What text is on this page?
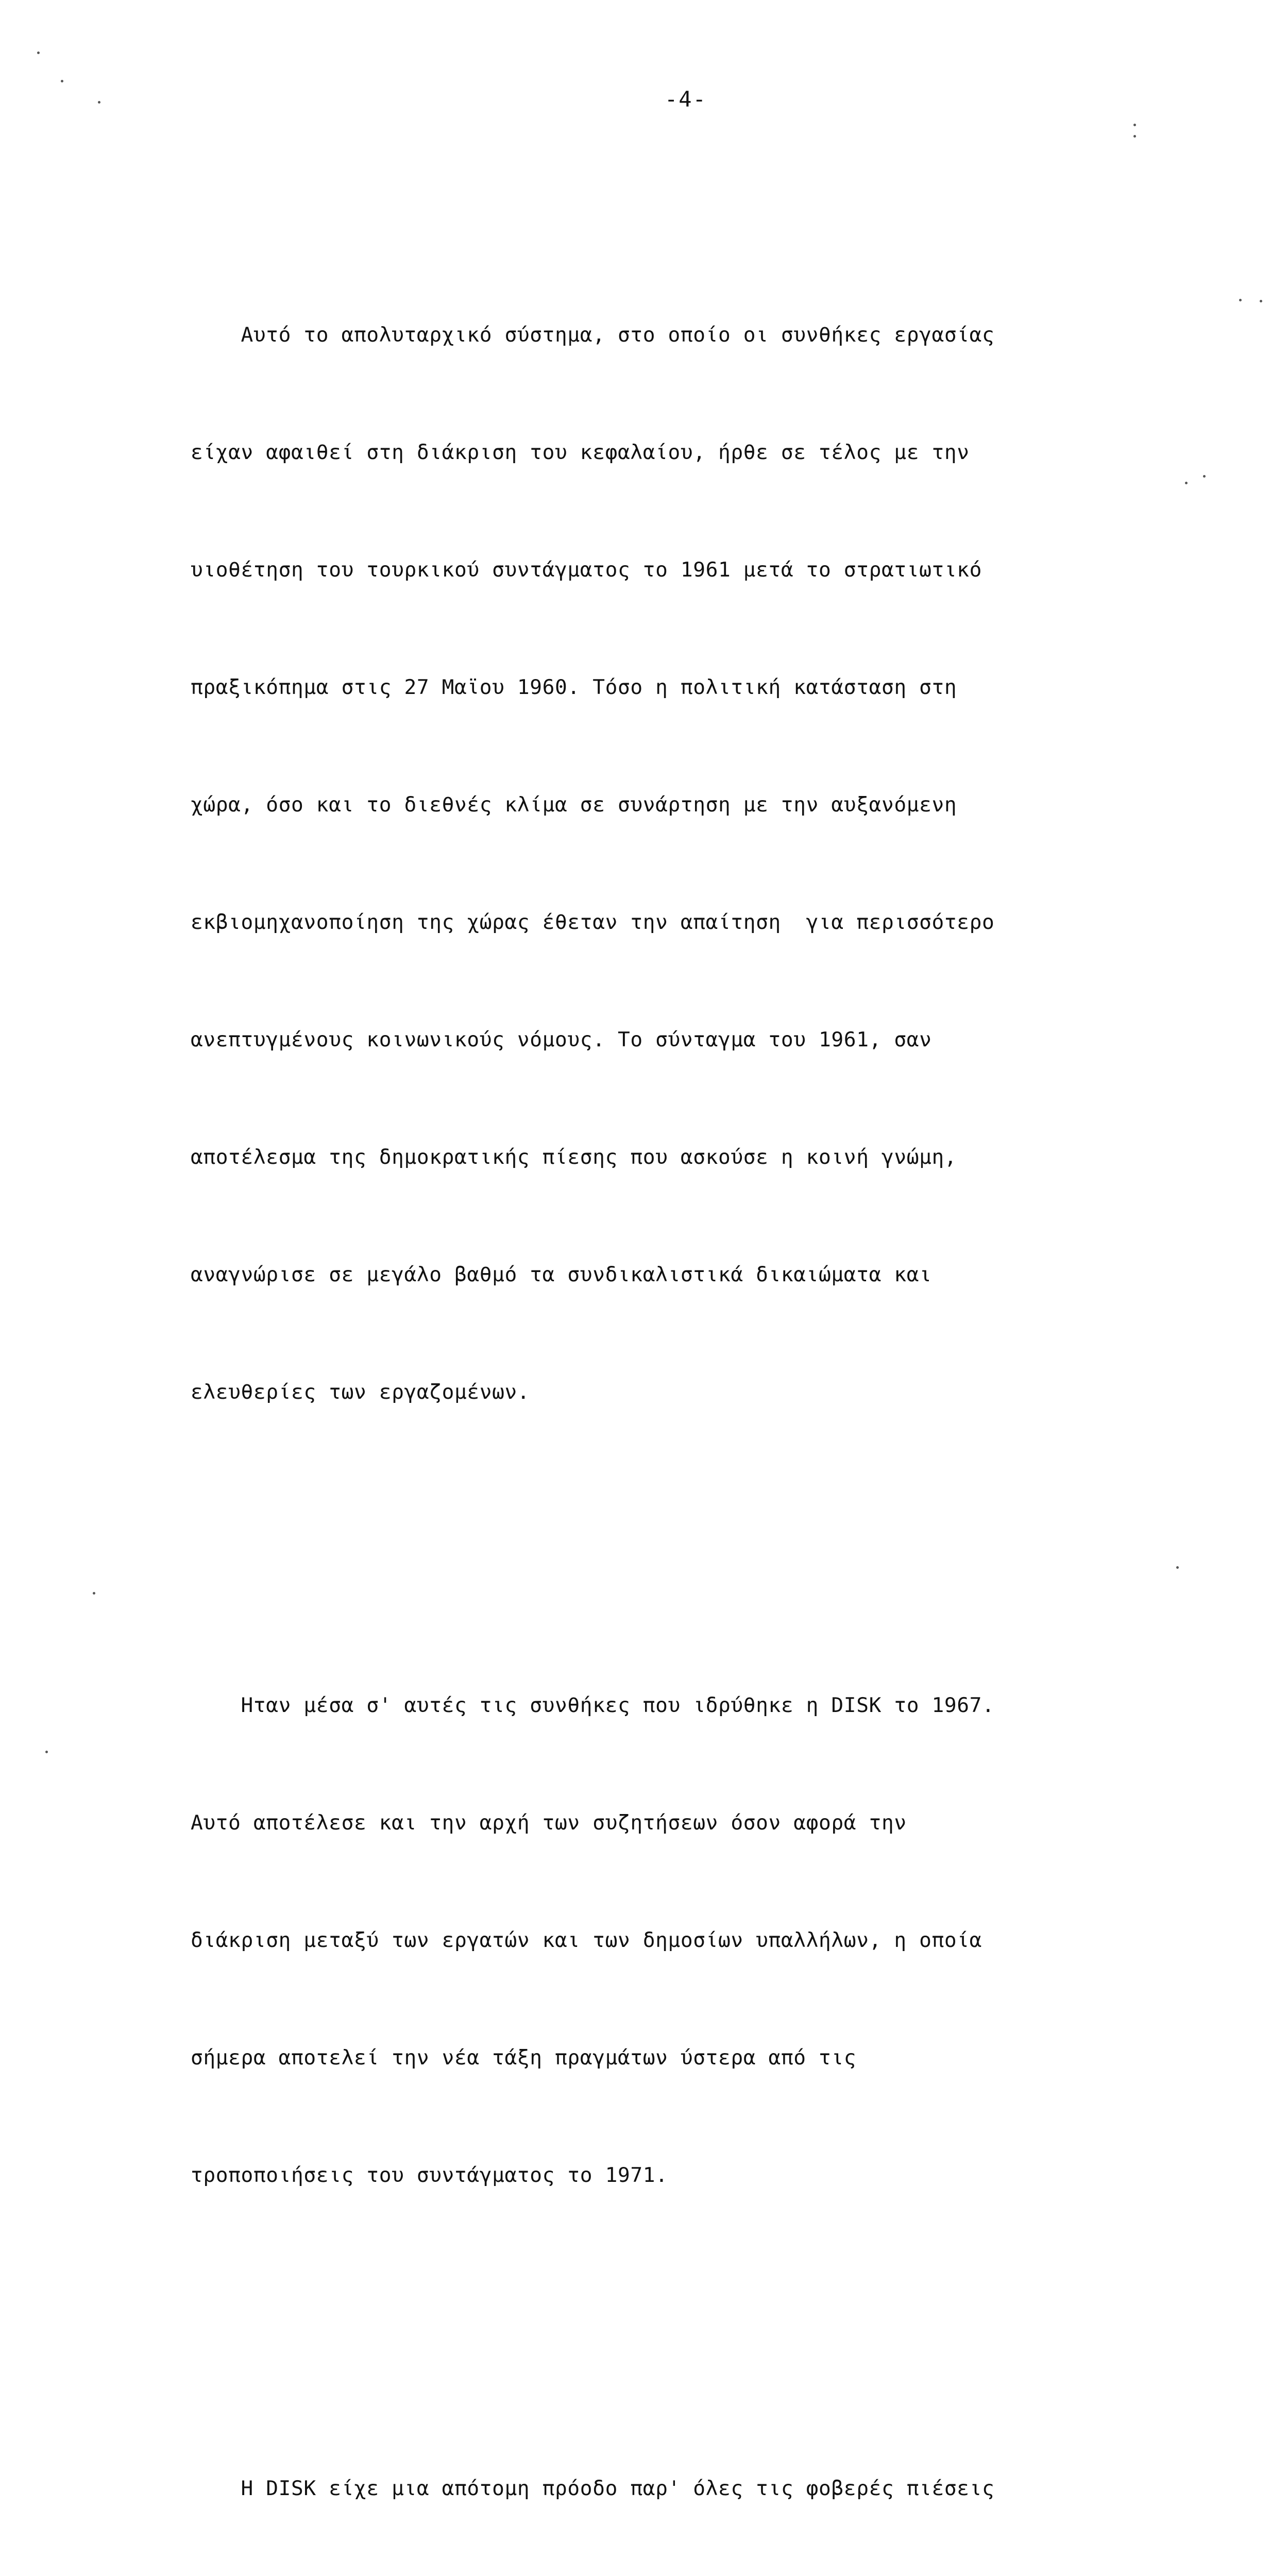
-4-

Αυτό το απολυταρχικό σύστημα, στο οποίο οι συνθήκες εργασίας

είχαν αφαιθεί στη διάκριση του κεφαλαίου, ήρθε σε τέλος με την

υιοθέτηση του τουρκικού συντάγματος το 1961 μετά το στρατιωτικό

πραξικόπημα στις 27 Μαϊου 1960. Τόσο η πολιτική κατάσταση στη

χώρα, όσο και το διεθνές κλίμα σε συνάρτηση με την αυξανόμενη

εκβιομηχανοποίηση της χώρας έθεταν την απαίτηση  για περισσότερο

ανεπτυγμένους κοινωνικούς νόμους. Το σύνταγμα του 1961, σαν

αποτέλεσμα της δημοκρατικής πίεσης που ασκούσε η κοινή γνώμη,

αναγνώρισε σε μεγάλο βαθμό τα συνδικαλιστικά δικαιώματα και

ελευθερίες των εργαζομένων.

Ηταν μέσα σ' αυτές τις συνθήκες που ιδρύθηκε η DISK το 1967.

Αυτό αποτέλεσε και την αρχή των συζητήσεων όσον αφορά την

διάκριση μεταξύ των εργατών και των δημοσίων υπαλλήλων, η οποία

σήμερα αποτελεί την νέα τάξη πραγμάτων ύστερα από τις

τροποποιήσεις του συντάγματος το 1971.

Η DISK είχε μια απότομη πρόοδο παρ' όλες τις φοβερές πιέσεις
